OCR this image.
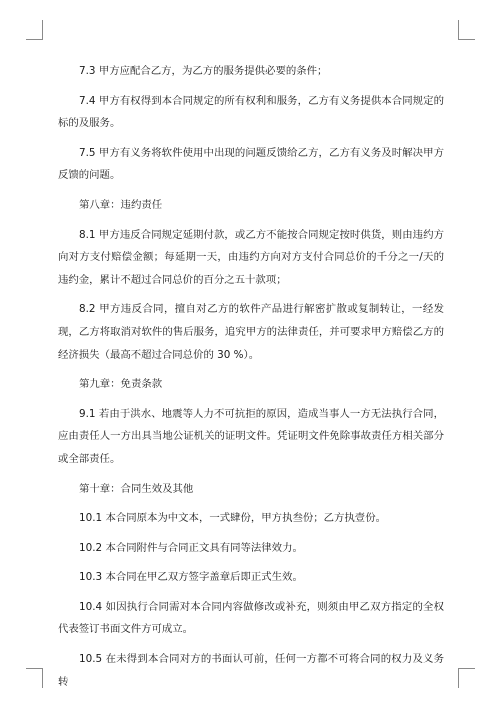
7.3 甲方应配合乙方，为乙方的服务提供必要的条件；

7.4 甲方有权得到本合同规定的所有权利和服务，乙方有义务提供本合同规定的标的及服务。

7.5 甲方有义务将软件使用中出现的问题反馈给乙方，乙方有义务及时解决甲方反馈的问题。

第八章：违约责任

8.1 甲方违反合同规定延期付款，或乙方不能按合同规定按时供货，则由违约方向对方支付赔偿金额；每延期一天，由违约方向对方支付合同总价的千分之一/天的违约金，累计不超过合同总价的百分之五十款项；

8.2 甲方违反合同，擅自对乙方的软件产品进行解密扩散或复制转让，一经发现，乙方将取消对软件的售后服务，追究甲方的法律责任，并可要求甲方赔偿乙方的经济损失（最高不超过合同总价的 30 %）。

第九章：免责条款

9.1 若由于洪水、地震等人力不可抗拒的原因，造成当事人一方无法执行合同，应由责任人一方出具当地公证机关的证明文件。凭证明文件免除事故责任方相关部分或全部责任。

第十章：合同生效及其他

10.1 本合同原本为中文本，一式肆份，甲方执叁份；乙方执壹份。

10.2 本合同附件与合同正文具有同等法律效力。

10.3 本合同在甲乙双方签字盖章后即正式生效。

10.4 如因执行合同需对本合同内容做修改或补充，则须由甲乙双方指定的全权代表签订书面文件方可成立。

10.5 在未得到本合同对方的书面认可前，任何一方都不可将合同的权力及义务转
